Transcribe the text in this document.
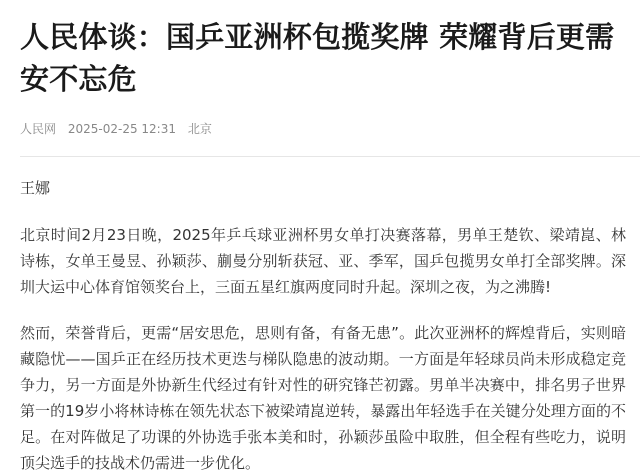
人民体谈：国乒亚洲杯包揽奖牌 荣耀背后更需安不忘危
人民网 2025-02-25 12:31 北京
王娜

北京时间2月23日晚，2025年乒乓球亚洲杯男女单打决赛落幕，男单王楚钦、梁靖崑、林诗栋，女单王曼昱、孙颖莎、蒯曼分别斩获冠、亚、季军，国乒包揽男女单打全部奖牌。深圳大运中心体育馆领奖台上，三面五星红旗两度同时升起。深圳之夜，为之沸腾!

然而，荣誉背后，更需“居安思危，思则有备，有备无患”。此次亚洲杯的辉煌背后，实则暗藏隐忧——国乒正在经历技术更迭与梯队隐患的波动期。一方面是年轻球员尚未形成稳定竞争力，另一方面是外协新生代经过有针对性的研究锋芒初露。男单半决赛中，排名男子世界第一的19岁小将林诗栋在领先状态下被梁靖崑逆转，暴露出年轻选手在关键分处理方面的不足。在对阵做足了功课的外协选手张本美和时，孙颖莎虽险中取胜，但全程有些吃力，说明顶尖选手的技战术仍需进一步优化。
